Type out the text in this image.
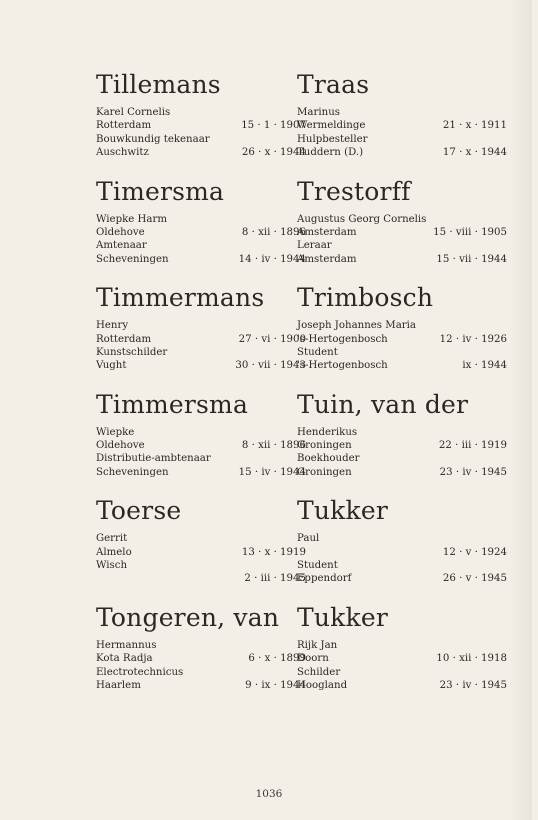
Tillemans
Karel Cornelis
Rotterdam	15 · 1 · 1907
Bouwkundig tekenaar
Auschwitz	26 · x · 1944
Timersma
Wiepke Harm
Oldehove	8 · xii · 1896
Amtenaar
Scheveningen	14 · iv · 1944
Timmermans
Henry
Rotterdam	27 · vi · 1900
Kunstschilder
Vught	30 · vii · 1943
Timmersma
Wiepke
Oldehove	8 · xii · 1896
Distributie-ambtenaar
Scheveningen	15 · iv · 1944
Toerse
Gerrit
Almelo	13 · x · 1919
Wisch
2 · iii · 1945
Tongeren, van
Hermannus
Kota Radja	6 · x · 1899
Electrotechnicus
Haarlem	9 · ix · 1944
Traas
Marinus
Wermeldinge	21 · x · 1911
Hulpbesteller
Tuddern (D.)	17 · x · 1944
Trestorff
Augustus Georg Cornelis
Amsterdam	15 · viii · 1905
Leraar
Amsterdam	15 · vii · 1944
Trimbosch
Joseph Johannes Maria
's-Hertogenbosch	12 · iv · 1926
Student
's-Hertogenbosch	ix · 1944
Tuin, van der
Henderikus
Groningen	22 · iii · 1919
Boekhouder
Groningen	23 · iv · 1945
Tukker
Paul
12 · v · 1924
Student
Eppendorf	26 · v · 1945
Tukker
Rijk Jan
Doorn	10 · xii · 1918
Schilder
Hoogland	23 · iv · 1945
1036
